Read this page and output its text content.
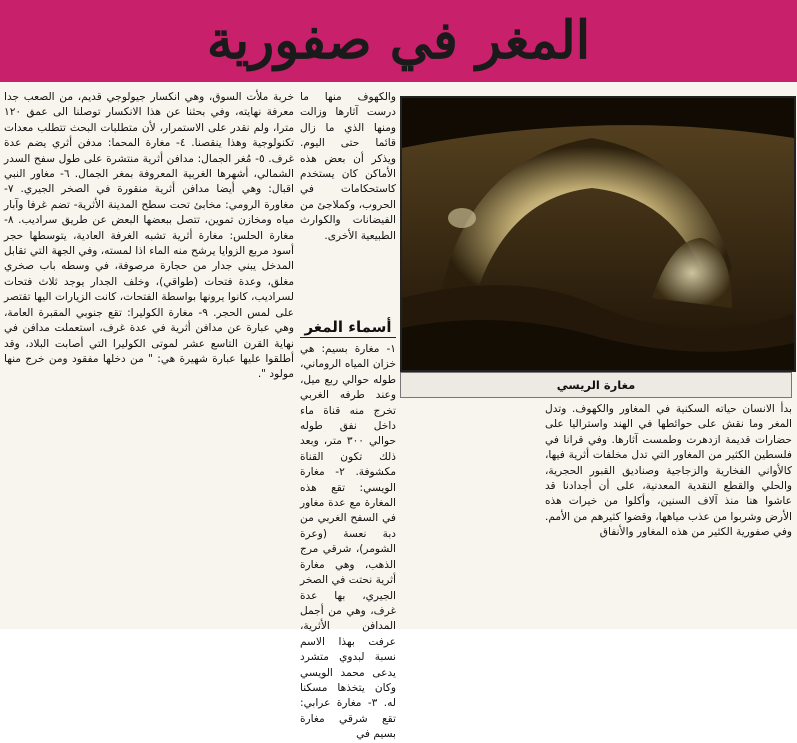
المغر في صفورية
مغارة الريسي

والكهوف منها ما درست آثارها وزالت ومنها الذي ما زال قائما حتى اليوم. ويذكر أن بعض هذه الأماكن كان يستخدم كاستحكامات في الحروب، وكملاجئ من الفيضانات والكوارث الطبيعية الأخرى.

أسماء المغر

١- مغارة بسيم: هي خزان المياه الروماني، طوله حوالي ربع ميل، وعند طرفه الغربي تخرج منه قناة ماء داخل نفق طوله حوالي ٣٠٠ متر، وبعد ذلك تكون القناة مكشوفة. ٢- مغارة الويسي: تقع هذه المغارة مع عدة مغاور في السفح الغربي من دبة نعسة (وعرة الشومر)، شرقي مرج الذهب، وهي مغارة أثرية نحتت في الصخر الجيري، بها عدة غرف، وهي من أجمل المدافن الأثرية، عرفت بهذا الاسم نسبة لبدوي متشرد يدعى محمد الويسي وكان يتخذها مسكنا له. ٣- مغارة عرابي: تقع شرقي مغارة بسيم في

بدأ الانسان حياته السكنية في المغاور والكهوف. وتدل المغر وما نقش على حوائطها في الهند واستراليا على حضارات قديمة ازدهرت وطمست آثارها. وفي قرانا في فلسطين الكثير من المغاور التي تدل مخلفات أثرية فيها، كالأواني الفخارية والزجاجية وصناديق القبور الحجرية، والحلي والقطع النقدية المعدنية، على أن أجدادنا قد عاشوا هنا منذ آلاف السنين، وأكلوا من خيرات هذه الأرض وشربوا من عذب مياهها، وقضوا كثيرهم من الأمم. وفي صفورية الكثير من هذه المغاور والأنفاق

خربة ملأت السوق، وهي انكسار جيولوجي قديم، من الصعب جدا معرفة نهايته، وفي بحثنا عن هذا الانكسار توصلنا الى عمق ١٢٠ مترا، ولم نقدر على الاستمرار، لأن متطلبات البحث تتطلب معدات تكنولوجية وهذا ينقصنا. ٤- مغارة المحما: مدفن أثري يضم عدة غرف. ٥- مُغر الجمال: مدافن أثرية منتشرة على طول سفح السدر الشمالي، أشهرها الغربية المعروفة بمغر الجمال. ٦- مغاور النبي اقبال: وهي أيضا مدافن أثرية منقورة في الصخر الجيري. ٧- مغاورة الرومي: مخابئ تحت سطح المدينة الأثرية- تضم غرفا وآبار مياه ومخازن تموين، تتصل ببعضها البعض عن طريق سراديب. ٨- مغارة الحلس: مغارة أثرية تشبه الغرفة العادية، يتوسطها حجر أسود مربع الزوايا يرشح منه الماء اذا لمسته، وفي الجهة التي تقابل المدخل يبني جدار من حجارة مرصوفة، في وسطه باب صخري مغلق، وعدة فتحات (طواقي)، وخلف الجدار يوجد ثلاث فتحات لسراديب، كانوا يرونها بواسطة الفتحات، كانت الزيارات اليها تقتصر على لمس الحجر. ٩- مغارة الكوليرا: تقع جنوبي المقبرة العامة، وهي عبارة عن مدافن أثرية في عدة غرف، استعملت مدافن في نهاية القرن التاسع عشر لموتى الكوليرا التي أصابت البلاد، وقد أطلقوا عليها عبارة شهيرة هي: " من دخلها مفقود ومن خرج منها مولود ".
